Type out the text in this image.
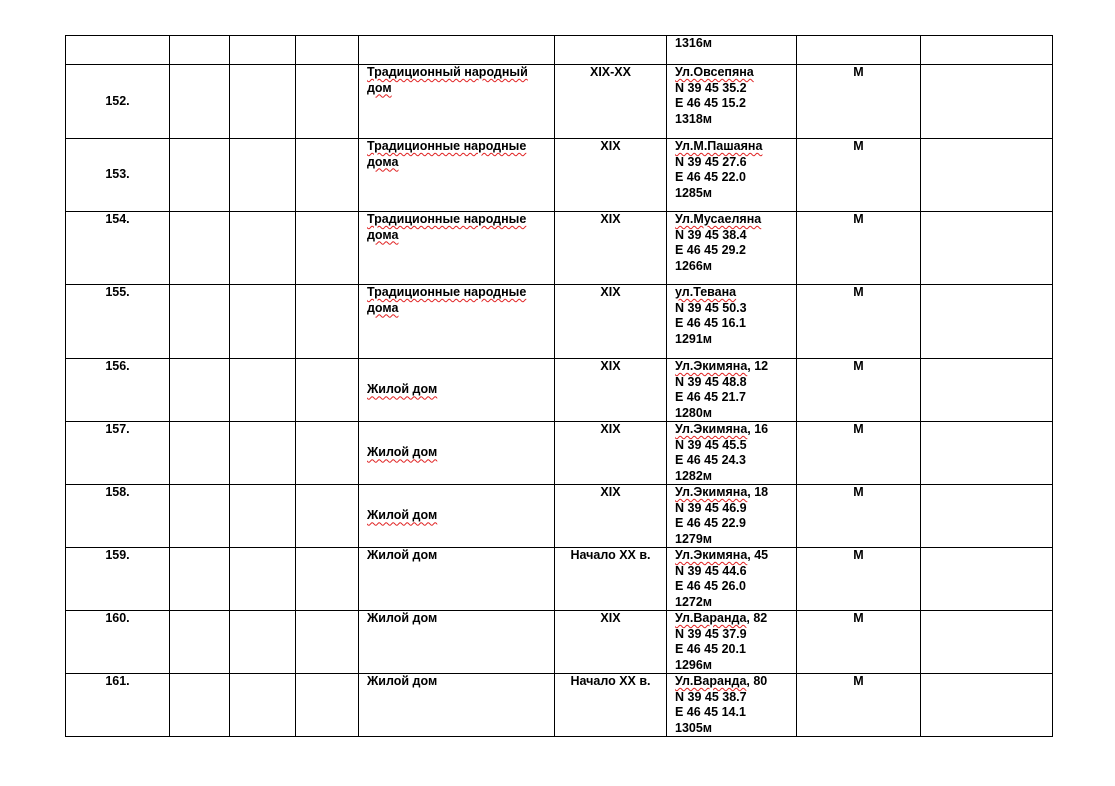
						1316м		

152.				Традиционный народный
дом	XIX-XX	Ул.Овсепяна
N 39 45 35.2
E 46 45 15.2
1318м	М	
153.				Традиционные народные
дома	XIX	Ул.М.Пашаяна
N 39 45 27.6
E 46 45 22.0
1285м	М	
154.				Традиционные народные
дома	XIX	Ул.Мусаеляна
N 39 45 38.4
E 46 45 29.2
1266м	М	
155.				Традиционные народные
дома	XIX	ул.Тевана
N 39 45 50.3
E 46 45 16.1
1291м	М	
156.				Жилой дом	XIX	Ул.Экимяна, 12
N 39 45 48.8
E 46 45 21.7
1280м	М	
157.				Жилой дом	XIX	Ул.Экимяна, 16
N 39 45 45.5
E 46 45 24.3
1282м	М	
158.				Жилой дом	XIX	Ул.Экимяна, 18
N 39 45 46.9
E 46 45 22.9
1279м	М	
159.				Жилой дом	Начало XX в.	Ул.Экимяна, 45
N 39 45 44.6
E 46 45 26.0
1272м	М	
160.				Жилой дом	XIX	Ул.Варанда, 82
N 39 45 37.9
E 46 45 20.1
1296м	М	
161.				Жилой дом	Начало XX в.	Ул.Варанда, 80
N 39 45 38.7
E 46 45 14.1
1305м	М	
